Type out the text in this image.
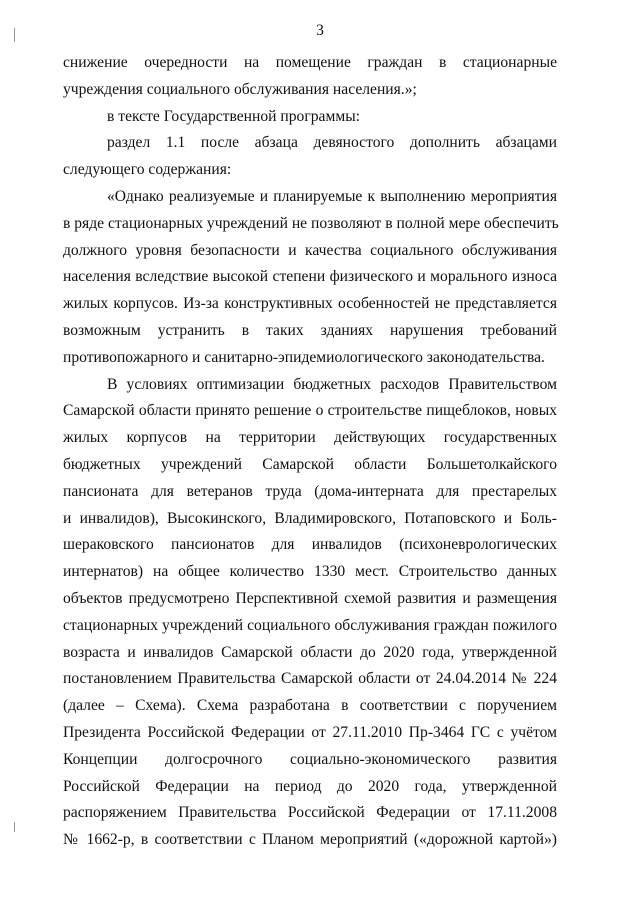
3
снижение очередности на помещение граждан в стационарные
учреждения социального обслуживания населения.»;
в тексте Государственной программы:
раздел 1.1 после абзаца девяностого дополнить абзацами
следующего содержания:
«Однако реализуемые и планируемые к выполнению мероприятия
в ряде стационарных учреждений не позволяют в полной мере обеспечить
должного уровня безопасности и качества социального обслуживания
населения вследствие высокой степени физического и морального износа
жилых корпусов. Из-за конструктивных особенностей не представляется
возможным устранить в таких зданиях нарушения требований
противопожарного и санитарно-эпидемиологического законодательства.
В условиях оптимизации бюджетных расходов Правительством
Самарской области принято решение о строительстве пищеблоков, новых
жилых корпусов на территории действующих государственных
бюджетных учреждений Самарской области Большетолкайского
пансионата для ветеранов труда (дома-интерната для престарелых
и инвалидов), Высокинского, Владимировского, Потаповского и Боль-
шераковского пансионатов для инвалидов (психоневрологических
интернатов) на общее количество 1330 мест. Строительство данных
объектов предусмотрено Перспективной схемой развития и размещения
стационарных учреждений социального обслуживания граждан пожилого
возраста и инвалидов Самарской области до 2020 года, утвержденной
постановлением Правительства Самарской области от 24.04.2014 № 224
(далее – Схема). Схема разработана в соответствии с поручением
Президента Российской Федерации от 27.11.2010 Пр-3464 ГС с учётом
Концепции долгосрочного социально-экономического развития
Российской Федерации на период до 2020 года, утвержденной
распоряжением Правительства Российской Федерации от 17.11.2008
№ 1662-р, в соответствии с Планом мероприятий («дорожной картой»)
